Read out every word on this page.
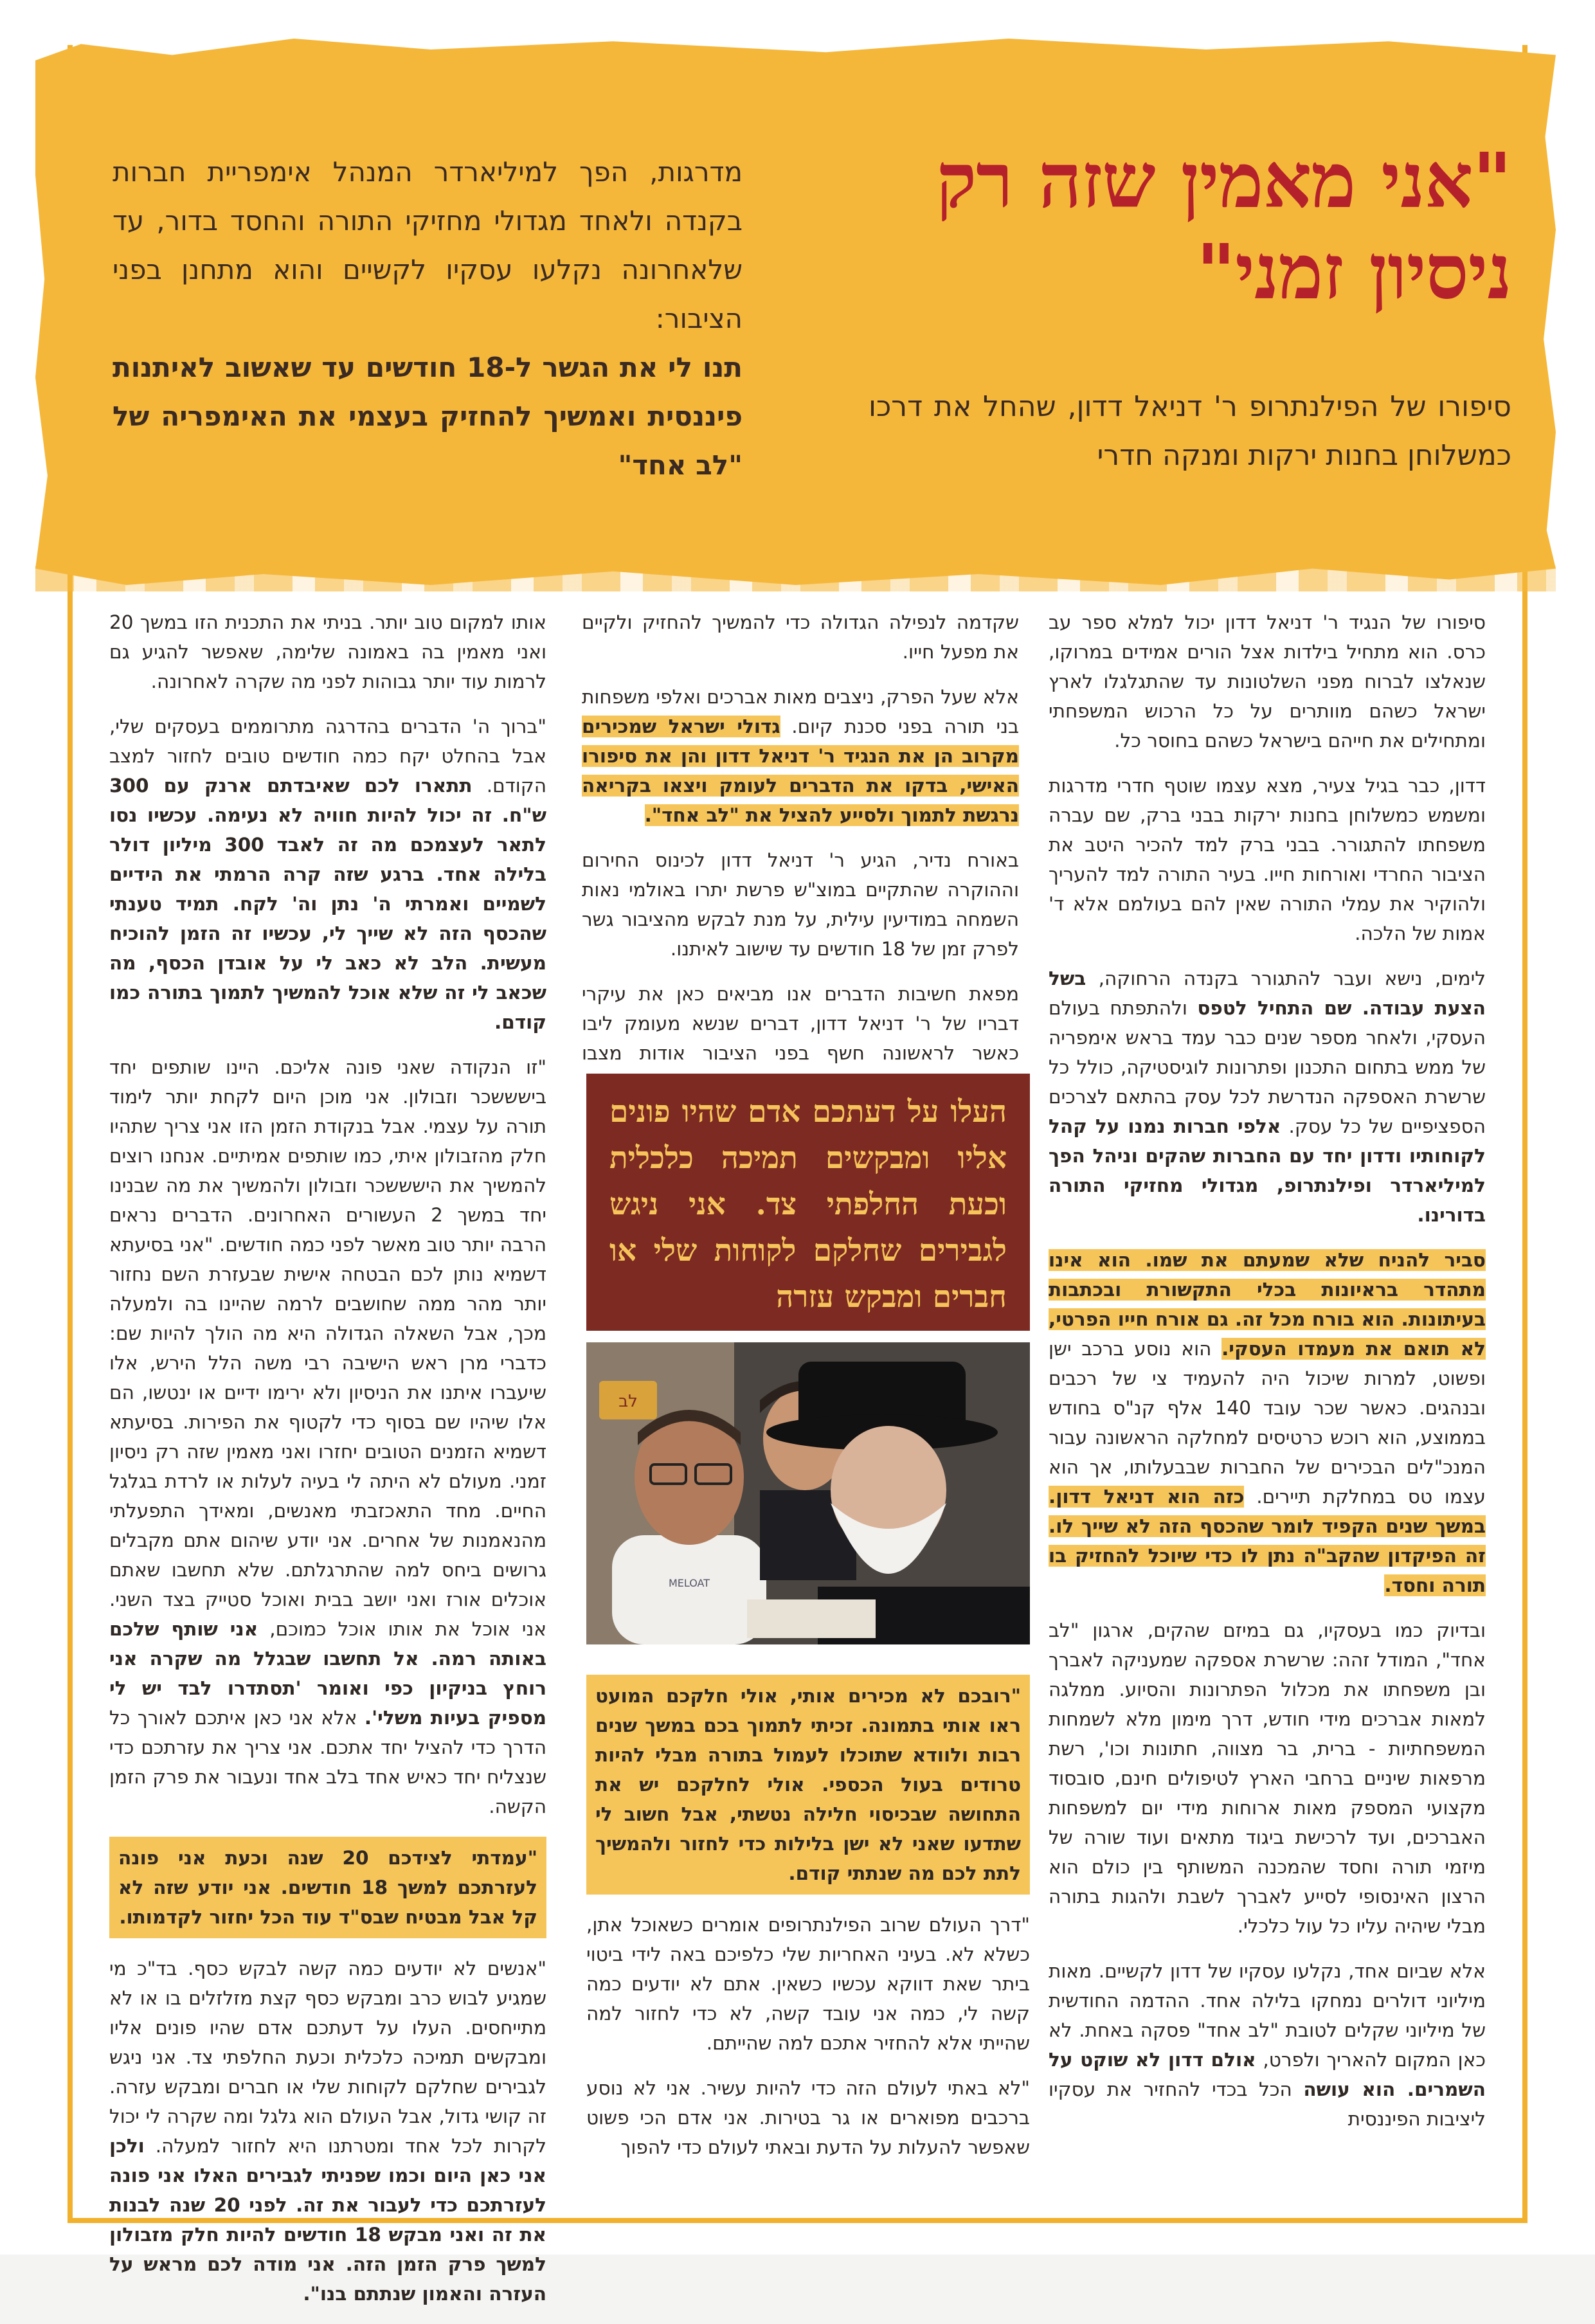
"אני מאמין שזה רק ניסיון זמני"
סיפורו של הפילנתרופ ר' דניאל דדון, שהחל את דרכו כמשלוחן בחנות ירקות ומנקה חדרי
מדרגות, הפך למיליארדר המנהל אימפריית חברות בקנדה ולאחד מגדולי מחזיקי התורה והחסד בדור, עד שלאחרונה נקלעו עסקיו לקשיים והוא מתחנן בפני הציבור:
תנו לי את הגשר ל-18 חודשים עד שאשוב לאיתנות פיננסית ואמשיך להחזיק בעצמי את האימפריה של "לב אחד"

סיפורו של הנגיד ר' דניאל דדון יכול למלא ספר עב כרס. הוא מתחיל בילדות אצל הורים אמידים במרוקו, שנאלצו לברוח מפני השלטונות עד שהתגלגלו לארץ ישראל כשהם מוותרים על כל הרכוש המשפחתי ומתחילים את חייהם בישראל כשהם בחוסר כל.

דדון, כבר בגיל צעיר, מצא עצמו שוטף חדרי מדרגות ומשמש כמשלוחן בחנות ירקות בבני ברק, שם עברה משפחתו להתגורר. בבני ברק למד להכיר היטב את הציבור החרדי ואורחות חייו. בעיר התורה למד להעריך ולהוקיר את עמלי התורה שאין להם בעולמם אלא ד' אמות של הלכה.

לימים, נישא ועבר להתגורר בקנדה הרחוקה, בשל הצעת עבודה. שם התחיל לטפס ולהתפתח בעולם העסקי, ולאחר מספר שנים כבר עמד בראש אימפריה של ממש בתחום התכנון ופתרונות לוגיסטיקה, כולל כל שרשרת האספקה הנדרשת לכל עסק בהתאם לצרכים הספציפיים של כל עסק. אלפי חברות נמנו על קהל לקוחותיו ודדון יחד עם החברות שהקים וניהל הפך למיליארדר ופילנתרופ, מגדולי מחזיקי התורה בדורינו.

סביר להניח שלא שמעתם את שמו. הוא אינו מתהדר בראיונות בכלי התקשורת ובכתבות בעיתונות. הוא בורח מכל זה. גם אורח חייו הפרטי, לא תואם את מעמדו העסקי. הוא נוסע ברכב ישן ופשוט, למרות שיכול היה להעמיד צי של רכבים ובנהגים. כאשר שכר עובד 140 אלף קנ"ס בחודש בממוצע, הוא רוכש כרטיסים למחלקה הראשונה עבור המנכ"לים הבכירים של החברות שבבעלותו, אך הוא עצמו טס במחלקת תיירים. כזה הוא דניאל דדון. במשך שנים הקפיד לומר שהכסף הזה לא שייך לו. זה הפיקדון שהקב"ה נתן לו כדי שיוכל להחזיק בו תורה וחסד.

ובדיוק כמו בעסקיו, גם במיזם שהקים, ארגון "לב אחד", המודל זהה: שרשרת אספקה שמעניקה לאברך ובן משפחתו את מכלול הפתרונות והסיוע. ממלגה למאות אברכים מידי חודש, דרך מימון מלא לשמחות המשפחתיות - ברית, בר מצווה, חתונות וכו', רשת מרפאות שיניים ברחבי הארץ לטיפולים חינם, סובסוד מקצועי המספק מאות ארוחות מידי יום למשפחות האברכים, ועד לרכישת ביגוד מתאים ועוד שורה של מיזמי תורה וחסד שהמכנה המשותף בין כולם הוא הרצון האינסופי לסייע לאברך לשבת ולהגות בתורה מבלי שיהיה עליו כל עול כלכלי.

אלא שביום אחד, נקלעו עסקיו של דדון לקשיים. מאות מיליוני דולרים נמחקו בלילה אחד. ההדמה החודשית של מיליוני שקלים לטובת "לב אחד" פסקה באחת. לא כאן המקום להאריך ולפרט, אולם דדון לא שוקט על השמרים. הוא עושה הכל בכדי להחזיר את עסקיו ליציבות הפיננסית

שקדמה לנפילה הגדולה כדי להמשיך להחזיק ולקיים את מפעל חייו.

אלא שעל הפרק, ניצבים מאות אברכים ואלפי משפחות בני תורה בפני סכנת קיום. גדולי ישראל שמכירים מקרוב הן את הנגיד ר' דניאל דדון והן את סיפורו האישי, בדקו את הדברים לעומק ויצאו בקריאה נרגשת לתמוך ולסייע להציל את "לב אחד".

באורח נדיר, הגיע ר' דניאל דדון לכינוס החירום וההוקרה שהתקיים במוצ"ש פרשת יתרו באולמי נאות השמחה במודיעין עילית, על מנת לבקש מהציבור גשר לפרק זמן של 18 חודשים עד שישוב לאיתנו.

מפאת חשיבות הדברים אנו מביאים כאן את עיקרי דבריו של ר' דניאל דדון, דברים שנשא מעומק ליבו כאשר לראשונה חשף בפני הציבור אודות מצבו

העלו על דעתכם אדם שהיו פונים אליו ומבקשים תמיכה כלכלית וכעת החלפתי צד. אני ניגש לגבירים שחלקם לקוחות שלי או חברים ומבקש עזרה
לב
MELOAT

"רובכם לא מכירים אותי, אולי חלקכם המועט ראו אותי בתמונה. זכיתי לתמוך בכם במשך שנים רבות ולוודא שתוכלו לעמול בתורה מבלי להיות טרודים בעול הכספי. אולי לחלקכם יש את התחושה שבכיסוי חלילה נטשתי, אבל חשוב לי שתדעו שאני לא ישן בלילות כדי לחזור ולהמשיך לתת לכם מה שנתתי קודם.

"דרך העולם שרוב הפילנתרופים אומרים כשאוכל אתן, כשלא לא. בעיני האחריות שלי כלפיכם באה לידי ביטוי ביתר שאת דווקא עכשיו כשאין. אתם לא יודעים כמה קשה לי, כמה אני עובד קשה, לא כדי לחזור למה שהייתי אלא להחזיר אתכם למה שהייתם.

"לא באתי לעולם הזה כדי להיות עשיר. אני לא נוסע ברכבים מפוארים או גר בטירות. אני אדם הכי פשוט שאפשר להעלות על הדעת ובאתי לעולם כדי להפוך

אותו למקום טוב יותר. בניתי את התכנית הזו במשך 20 ואני מאמין בה באמונה שלימה, שאפשר להגיע גם לרמות עוד יותר גבוהות לפני מה שקרה לאחרונה.

"ברוך ה' הדברים בהדרגה מתרוממים בעסקים שלי, אבל בהחלט יקח כמה חודשים טובים לחזור למצב הקודם. תתארו לכם שאיבדתם ארנק עם 300 ש"ח. זה יכול להיות חוויה לא נעימה. עכשיו נסו לתאר לעצמכם מה זה לאבד 300 מיליון דולר בלילה אחד. ברגע שזה קרה הרמתי את הידיים לשמיים ואמרתי ה' נתן וה' לקח. תמיד טענתי שהכסף הזה לא שייך לי, עכשיו זה הזמן להוכיח מעשית. הלב לא כאב לי על אובדן הכסף, מה שכאב לי זה שלא אוכל להמשיך לתמוך בתורה כמו קודם.

"זו הנקודה שאני פונה אליכם. היינו שותפים יחד בישששכר וזבולון. אני מוכן היום לקחת יותר לימוד תורה על עצמי. אבל בנקודת הזמן הזו אני צריך שתהיו חלק מהזבולון איתי, כמו שותפים אמיתיים. אנחנו רוצים להמשיך את הישששכר וזבולון ולהמשיך את מה שבנינו יחד במשך 2 העשורים האחרונים. הדברים נראים הרבה יותר טוב מאשר לפני כמה חודשים. "אני בסיעתא דשמיא נותן לכם הבטחה אישית שבעזרת השם נחזור יותר מהר ממה שחושבים לרמה שהיינו בה ולמעלה מכך, אבל השאלה הגדולה היא מה הולך להיות שם: כדברי מרן ראש הישיבה רבי משה הלל הירש, אלו שיעברו איתנו את הניסיון ולא ירימו ידיים או ינטשו, הם אלו שיהיו שם בסוף כדי לקטוף את הפירות. בסיעתא דשמיא הזמנים הטובים יחזרו ואני מאמין שזה רק ניסיון זמני. מעולם לא היתה לי בעיה לעלות או לרדת בגלגל החיים. מחד התאכזבתי מאנשים, ומאידך התפעלתי מהנאמנות של אחרים. אני יודע שיהום אתם מקבלים גרושים ביחס למה שהתרגלתם. שלא תחשבו שאתם אוכלים אורז ואני יושב בבית ואוכל סטייק בצד השני. אני אוכל את אותו אוכל כמוכם, אני שותף שלכם באותה רמה. אל תחשבו שבגלל מה שקרה אני רוחץ בניקיון כפי ואומר 'תסתדרו לבד יש לי מספיק בעיות משלי'. אלא אני כאן איתכם לאורך כל הדרך כדי להציל יחד אתכם. אני צריך את עזרתכם כדי שנצליח יחד כאיש אחד בלב אחד ונעבור את פרק הזמן הקשה.

"עמדתי לצידכם 20 שנה וכעת אני פונה לעזרתכם למשך 18 חודשים. אני יודע שזה לא קל אבל מבטיח שבס"ד עוד הכל יחזור לקדמותו.

"אנשים לא יודעים כמה קשה לבקש כסף. בד"כ מי שמגיע לבוש כרב ומבקש כסף קצת מזלזלים בו או לא מתייחסים. העלו על דעתכם אדם שהיו פונים אליו ומבקשים תמיכה כלכלית וכעת החלפתי צד. אני ניגש לגבירים שחלקם לקוחות שלי או חברים ומבקש עזרה. זה קושי גדול, אבל העולם הוא גלגל ומה שקרה לי יכול לקרות לכל אחד ומטרתנו היא לחזור למעלה. ולכן אני כאן היום וכמו שפניתי לגבירים האלו אני פונה לעזרתכם כדי לעבור את זה. לפני 20 שנה לבנות את זה ואני מבקש 18 חודשים להיות חלק מזבולון למשך פרק הזמן הזה. אני מודה לכם מראש על העזרה והאמון שנתתם בנו".
